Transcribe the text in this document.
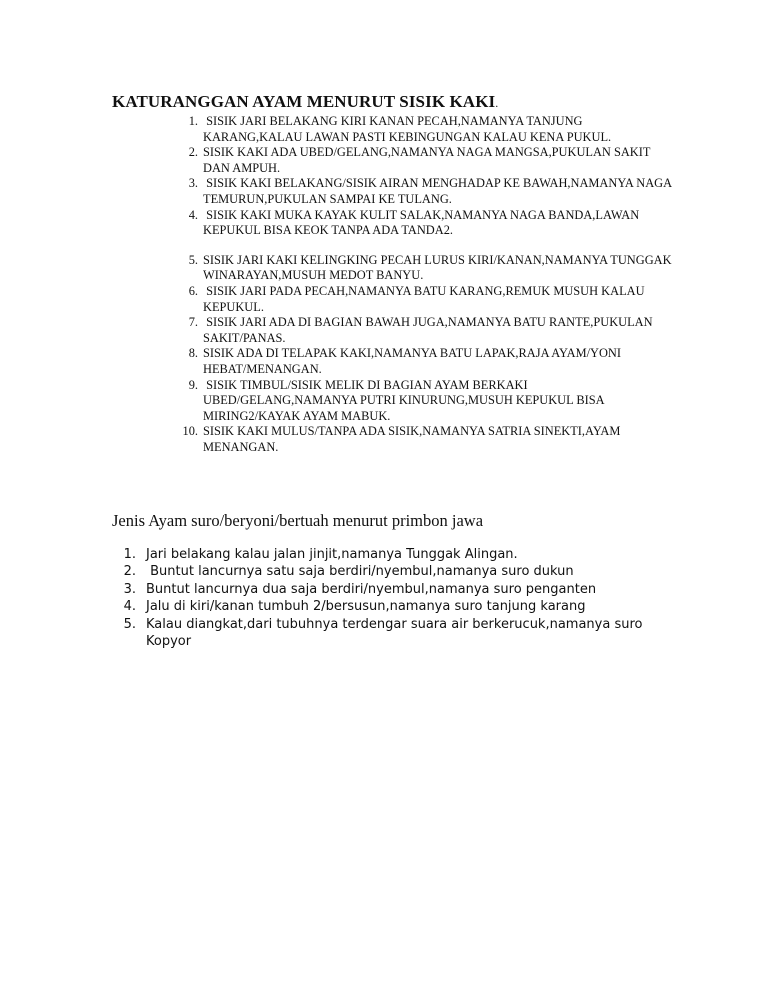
KATURANGGAN AYAM MENURUT SISIK KAKI.
1. SISIK JARI BELAKANG KIRI KANAN PECAH,NAMANYA TANJUNG KARANG,KALAU LAWAN PASTI KEBINGUNGAN KALAU KENA PUKUL.
2. SISIK KAKI ADA UBED/GELANG,NAMANYA NAGA MANGSA,PUKULAN SAKIT DAN AMPUH.
3. SISIK KAKI BELAKANG/SISIK AIRAN MENGHADAP KE BAWAH,NAMANYA NAGA TEMURUN,PUKULAN SAMPAI KE TULANG.
4. SISIK KAKI MUKA KAYAK KULIT SALAK,NAMANYA NAGA BANDA,LAWAN KEPUKUL BISA KEOK TANPA ADA TANDA2.
5. SISIK JARI KAKI KELINGKING PECAH LURUS KIRI/KANAN,NAMANYA TUNGGAK WINARAYAN,MUSUH MEDOT BANYU.
6. SISIK JARI PADA PECAH,NAMANYA BATU KARANG,REMUK MUSUH KALAU KEPUKUL.
7. SISIK JARI ADA DI BAGIAN BAWAH JUGA,NAMANYA BATU RANTE,PUKULAN SAKIT/PANAS.
8. SISIK ADA DI TELAPAK KAKI,NAMANYA BATU LAPAK,RAJA AYAM/YONI HEBAT/MENANGAN.
9. SISIK TIMBUL/SISIK MELIK DI BAGIAN AYAM BERKAKI UBED/GELANG,NAMANYA PUTRI KINURUNG,MUSUH KEPUKUL BISA MIRING2/KAYAK AYAM MABUK.
10. SISIK KAKI MULUS/TANPA ADA SISIK,NAMANYA SATRIA SINEKTI,AYAM MENANGAN.
Jenis Ayam suro/beryoni/bertuah menurut primbon jawa
1. Jari belakang kalau jalan jinjit,namanya Tunggak Alingan.
2. Buntut lancurnya satu saja berdiri/nyembul,namanya suro dukun
3. Buntut lancurnya dua saja berdiri/nyembul,namanya suro penganten
4. Jalu di kiri/kanan tumbuh 2/bersusun,namanya suro tanjung karang
5. Kalau diangkat,dari tubuhnya terdengar suara air berkerucuk,namanya suro Kopyor
